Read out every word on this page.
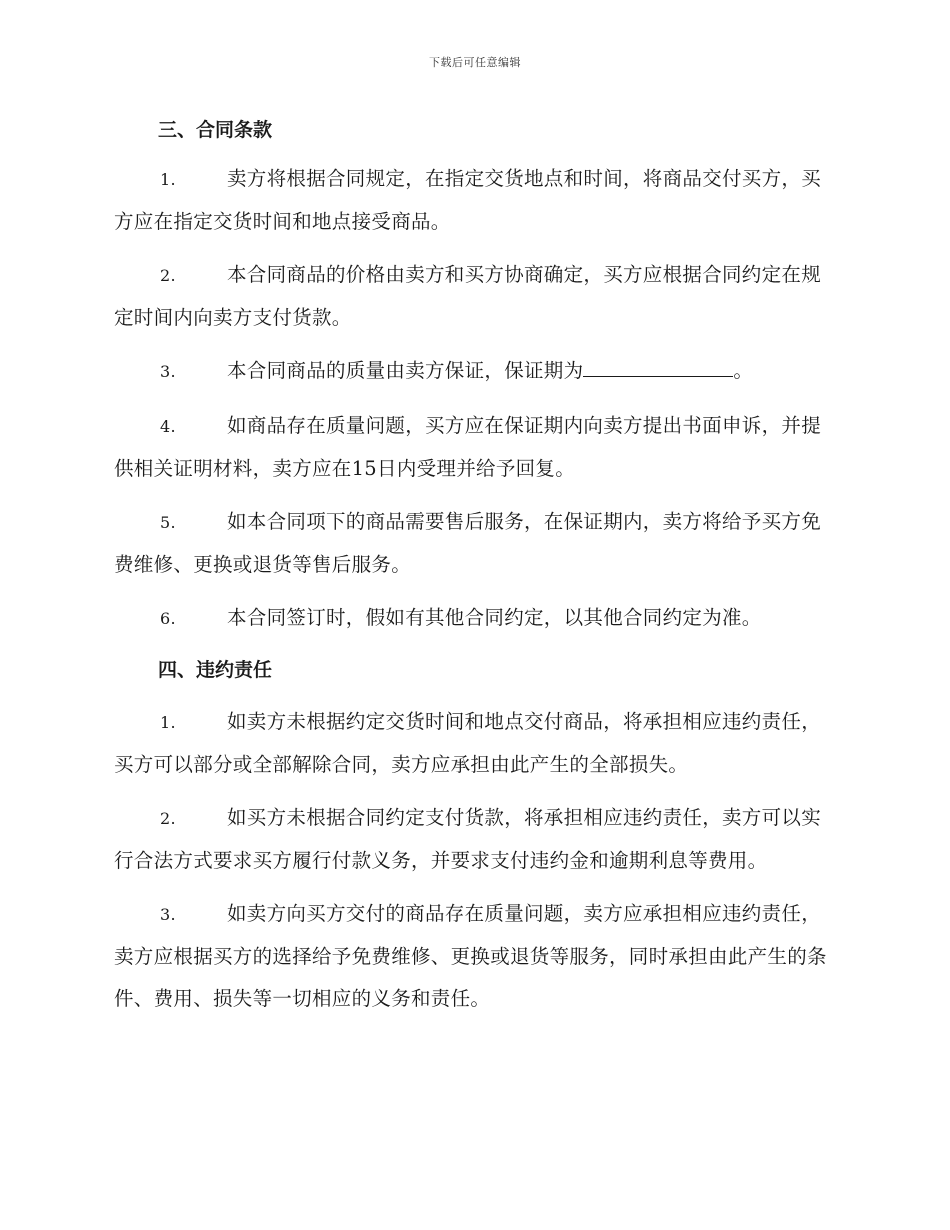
下载后可任意编辑
三、合同条款

1.	卖方将根据合同规定，在指定交货地点和时间，将商品交付买方，买方应在指定交货时间和地点接受商品。

2.	本合同商品的价格由卖方和买方协商确定，买方应根据合同约定在规定时间内向卖方支付货款。

3.	本合同商品的质量由卖方保证，保证期为	。

4.	如商品存在质量问题，买方应在保证期内向卖方提出书面申诉，并提供相关证明材料，卖方应在15日内受理并给予回复。

5.	如本合同项下的商品需要售后服务，在保证期内，卖方将给予买方免费维修、更换或退货等售后服务。

6.	本合同签订时，假如有其他合同约定，以其他合同约定为准。

四、违约责任

1.	如卖方未根据约定交货时间和地点交付商品，将承担相应违约责任，买方可以部分或全部解除合同，卖方应承担由此产生的全部损失。

2.	如买方未根据合同约定支付货款，将承担相应违约责任，卖方可以实行合法方式要求买方履行付款义务，并要求支付违约金和逾期利息等费用。

3.	如卖方向买方交付的商品存在质量问题，卖方应承担相应违约责任，卖方应根据买方的选择给予免费维修、更换或退货等服务，同时承担由此产生的条件、费用、损失等一切相应的义务和责任。
